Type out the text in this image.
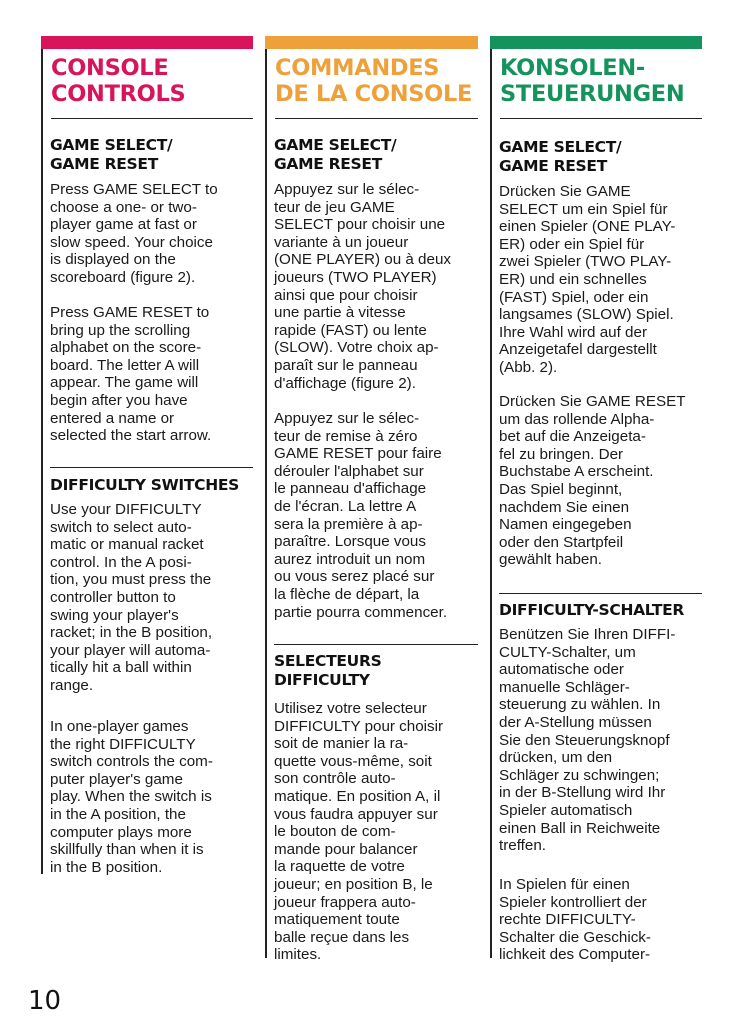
CONSOLE
CONTROLS
GAME SELECT/
GAME RESET

Press GAME SELECT to
choose a one- or two-
player game at fast or
slow speed. Your choice
is displayed on the
scoreboard (figure 2).

Press GAME RESET to
bring up the scrolling
alphabet on the score-
board. The letter A will
appear. The game will
begin after you have
entered a name or
selected the start arrow.

DIFFICULTY SWITCHES

Use your DIFFICULTY
switch to select auto-
matic or manual racket
control. In the A posi-
tion, you must press the
controller button to
swing your player's
racket; in the B position,
your player will automa-
tically hit a ball within
range.

In one-player games
the right DIFFICULTY
switch controls the com-
puter player's game
play. When the switch is
in the A position, the
computer plays more
skillfully than when it is
in the B position.

COMMANDES
DE LA CONSOLE
GAME SELECT/
GAME RESET

Appuyez sur le sélec-
teur de jeu GAME
SELECT pour choisir une
variante à un joueur
(ONE PLAYER) ou à deux
joueurs (TWO PLAYER)
ainsi que pour choisir
une partie à vitesse
rapide (FAST) ou lente
(SLOW). Votre choix ap-
paraît sur le panneau
d'affichage (figure 2).

Appuyez sur le sélec-
teur de remise à zéro
GAME RESET pour faire
dérouler l'alphabet sur
le panneau d'affichage
de l'écran. La lettre A
sera la première à ap-
paraître. Lorsque vous
aurez introduit un nom
ou vous serez placé sur
la flèche de départ, la
partie pourra commencer.

SELECTEURS
DIFFICULTY

Utilisez votre selecteur
DIFFICULTY pour choisir
soit de manier la ra-
quette vous-même, soit
son contrôle auto-
matique. En position A, il
vous faudra appuyer sur
le bouton de com-
mande pour balancer
la raquette de votre
joueur; en position B, le
joueur frappera auto-
matiquement toute
balle reçue dans les
limites.

KONSOLEN-
STEUERUNGEN
GAME SELECT/
GAME RESET

Drücken Sie GAME
SELECT um ein Spiel für
einen Spieler (ONE PLAY-
ER) oder ein Spiel für
zwei Spieler (TWO PLAY-
ER) und ein schnelles
(FAST) Spiel, oder ein
langsames (SLOW) Spiel.
Ihre Wahl wird auf der
Anzeigetafel dargestellt
(Abb. 2).

Drücken Sie GAME RESET
um das rollende Alpha-
bet auf die Anzeigeta-
fel zu bringen. Der
Buchstabe A erscheint.
Das Spiel beginnt,
nachdem Sie einen
Namen eingegeben
oder den Startpfeil
gewählt haben.

DIFFICULTY-SCHALTER

Benützen Sie Ihren DIFFI-
CULTY-Schalter, um
automatische oder
manuelle Schläger-
steuerung zu wählen. In
der A-Stellung müssen
Sie den Steuerungsknopf
drücken, um den
Schläger zu schwingen;
in der B-Stellung wird Ihr
Spieler automatisch
einen Ball in Reichweite
treffen.

In Spielen für einen
Spieler kontrolliert der
rechte DIFFICULTY-
Schalter die Geschick-
lichkeit des Computer-

10
